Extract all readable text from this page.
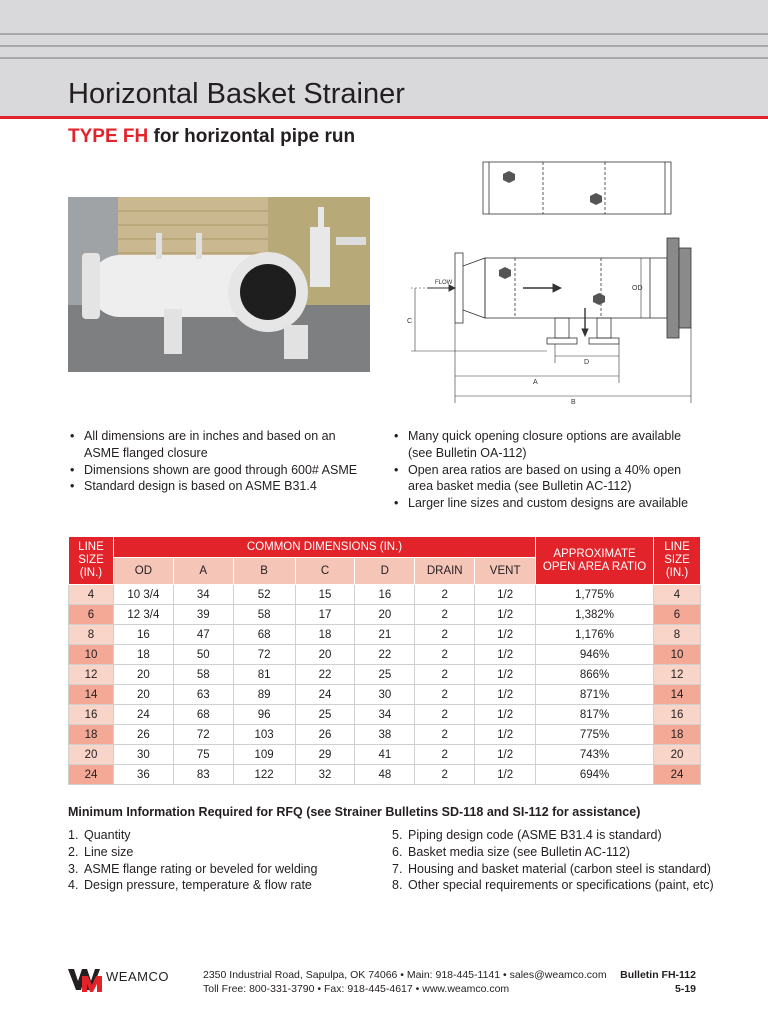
Horizontal Basket Strainer
TYPE FH for horizontal pipe run
FLOW
C
OD
D
A
B
• All dimensions are in inches and based on an ASME flanged closure
• Dimensions shown are good through 600# ASME
• Standard design is based on ASME B31.4
• Many quick opening closure options are available (see Bulletin OA-112)
• Open area ratios are based on using a 40% open area basket media (see Bulletin AC-112)
• Larger line sizes and custom designs are available
LINE SIZE (IN.)	COMMON DIMENSIONS (IN.)							APPROXIMATE OPEN AREA RATIO	LINE SIZE (IN.)
	OD	A	B	C	D	DRAIN	VENT		
4	10 3/4	34	52	15	16	2	1/2	1,775%	4
6	12 3/4	39	58	17	20	2	1/2	1,382%	6
8	16	47	68	18	21	2	1/2	1,176%	8
10	18	50	72	20	22	2	1/2	946%	10
12	20	58	81	22	25	2	1/2	866%	12
14	20	63	89	24	30	2	1/2	871%	14
16	24	68	96	25	34	2	1/2	817%	16
18	26	72	103	26	38	2	1/2	775%	18
20	30	75	109	29	41	2	1/2	743%	20
24	36	83	122	32	48	2	1/2	694%	24
Minimum Information Required for RFQ (see Strainer Bulletins SD-118 and SI-112 for assistance)
1. Quantity
2. Line size
3. ASME flange rating or beveled for welding
4. Design pressure, temperature & flow rate
5. Piping design code (ASME B31.4 is standard)
6. Basket media size (see Bulletin AC-112)
7. Housing and basket material (carbon steel is standard)
8. Other special requirements or specifications (paint, etc)
WEAMCO	2350 Industrial Road, Sapulpa, OK 74066 • Main: 918-445-1141 • sales@weamco.com
Toll Free: 800-331-3790 • Fax: 918-445-4617 • www.weamco.com
Bulletin FH-112
5-19
